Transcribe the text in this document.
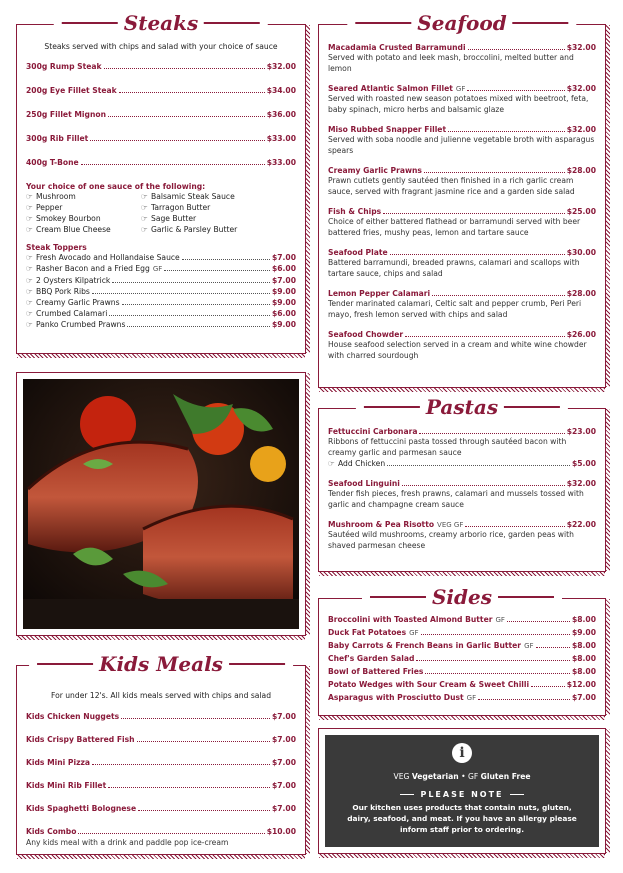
Steaks
Steaks served with chips and salad with your choice of sauce
300g Rump Steak	$32.00
200g Eye Fillet Steak	$34.00
250g Fillet Mignon	$36.00
300g Rib Fillet	$33.00
400g T-Bone	$33.00
Your choice of one sauce of the following:
☞ Mushroom	☞ Balsamic Steak Sauce
☞ Pepper	☞ Tarragon Butter
☞ Smokey Bourbon	☞ Sage Butter
☞ Cream Blue Cheese	☞ Garlic & Parsley Butter
Steak Toppers
☞ Fresh Avocado and Hollandaise Sauce	$7.00
☞ Rasher Bacon and a Fried Egg GF	$6.00
☞ 2 Oysters Kilpatrick	$7.00
☞ BBQ Pork Ribs	$9.00
☞ Creamy Garlic Prawns	$9.00
☞ Crumbed Calamari	$6.00
☞ Panko Crumbed Prawns	$9.00
Kids Meals
For under 12's. All kids meals served with chips and salad
Kids Chicken Nuggets	$7.00
Kids Crispy Battered Fish	$7.00
Kids Mini Pizza	$7.00
Kids Mini Rib Fillet	$7.00
Kids Spaghetti Bolognese	$7.00
Kids Combo	$10.00
Any kids meal with a drink and paddle pop ice-cream
Seafood
Macadamia Crusted Barramundi	$32.00
Served with potato and leek mash, broccolini, melted butter and lemon
Seared Atlantic Salmon Fillet GF	$32.00
Served with roasted new season potatoes mixed with beetroot, feta, baby spinach, micro herbs and balsamic glaze
Miso Rubbed Snapper Fillet	$32.00
Served with soba noodle and julienne vegetable broth with asparagus spears
Creamy Garlic Prawns	$28.00
Prawn cutlets gently sautéed then finished in a rich garlic cream sauce, served with fragrant jasmine rice and a garden side salad
Fish & Chips	$25.00
Choice of either battered flathead or barramundi served with beer battered fries, mushy peas, lemon and tartare sauce
Seafood Plate	$30.00
Battered barramundi, breaded prawns, calamari and scallops with tartare sauce, chips and salad
Lemon Pepper Calamari	$28.00
Tender marinated calamari, Celtic salt and pepper crumb, Peri Peri mayo, fresh lemon served with chips and salad
Seafood Chowder	$26.00
House seafood selection served in a cream and white wine chowder with charred sourdough
Pastas
Fettuccini Carbonara	$23.00
Ribbons of fettuccini pasta tossed through sautéed bacon with creamy garlic and parmesan sauce
☞ Add Chicken	$5.00
Seafood Linguini	$32.00
Tender fish pieces, fresh prawns, calamari and mussels tossed with garlic and champagne cream sauce
Mushroom & Pea Risotto VEG GF	$22.00
Sautéed wild mushrooms, creamy arborio rice, garden peas with shaved parmesan cheese
Sides
Broccolini with Toasted Almond Butter GF	$8.00
Duck Fat Potatoes GF	$9.00
Baby Carrots & French Beans in Garlic Butter GF	$8.00
Chef's Garden Salad	$8.00
Bowl of Battered Fries	$8.00
Potato Wedges with Sour Cream & Sweet Chilli	$12.00
Asparagus with Prosciutto Dust GF	$7.00
i
VEG Vegetarian • GF Gluten Free
PLEASE NOTE
Our kitchen uses products that contain nuts, gluten, dairy, seafood, and meat. If you have an allergy please inform staff prior to ordering.
